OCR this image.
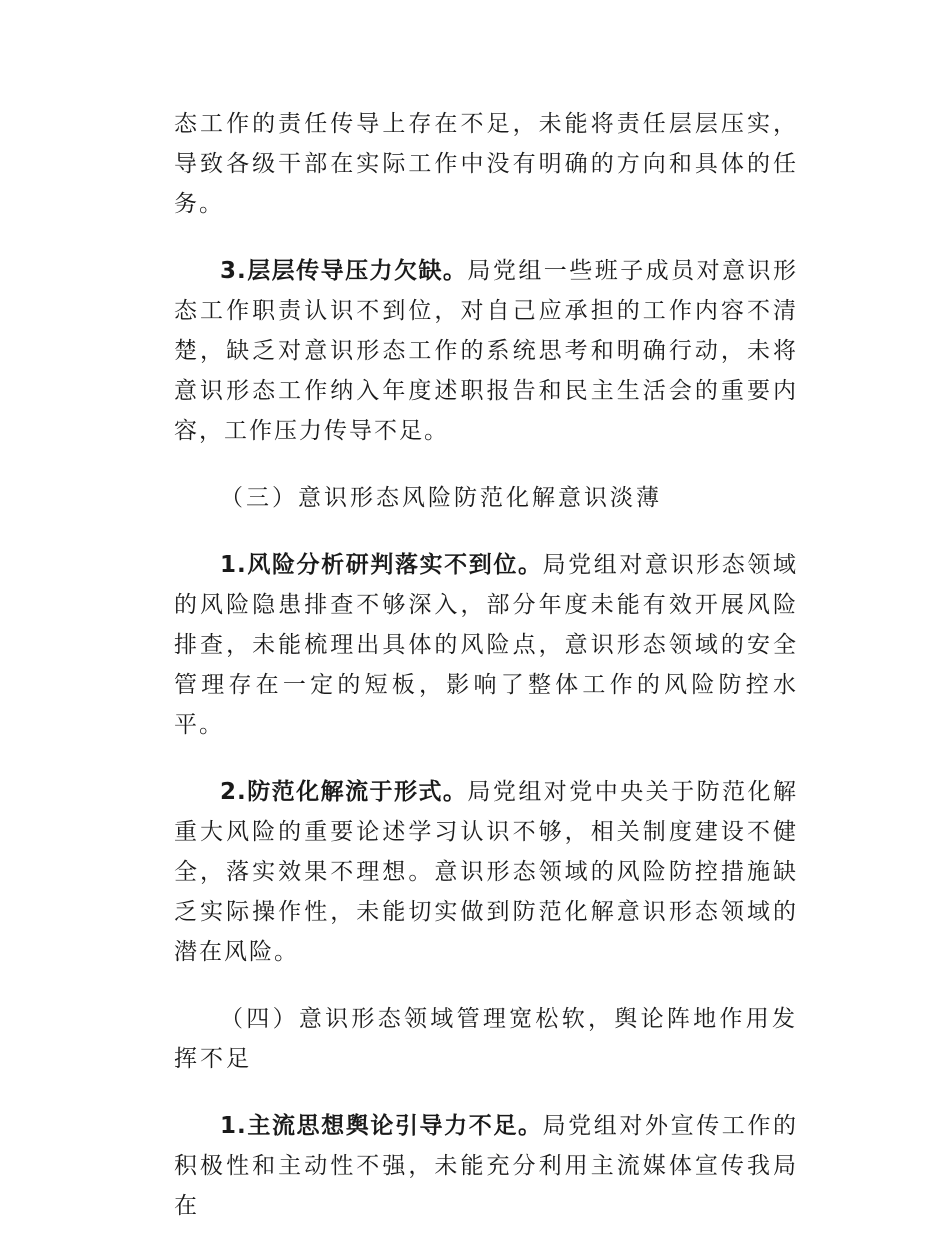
态工作的责任传导上存在不足，未能将责任层层压实，导致各级干部在实际工作中没有明确的方向和具体的任务。

3.层层传导压力欠缺。局党组一些班子成员对意识形态工作职责认识不到位，对自己应承担的工作内容不清楚，缺乏对意识形态工作的系统思考和明确行动，未将意识形态工作纳入年度述职报告和民主生活会的重要内容，工作压力传导不足。

（三）意识形态风险防范化解意识淡薄

1.风险分析研判落实不到位。局党组对意识形态领域的风险隐患排查不够深入，部分年度未能有效开展风险排查，未能梳理出具体的风险点，意识形态领域的安全管理存在一定的短板，影响了整体工作的风险防控水平。

2.防范化解流于形式。局党组对党中央关于防范化解重大风险的重要论述学习认识不够，相关制度建设不健全，落实效果不理想。意识形态领域的风险防控措施缺乏实际操作性，未能切实做到防范化解意识形态领域的潜在风险。

（四）意识形态领域管理宽松软，舆论阵地作用发挥不足

1.主流思想舆论引导力不足。局党组对外宣传工作的积极性和主动性不强，未能充分利用主流媒体宣传我局在
